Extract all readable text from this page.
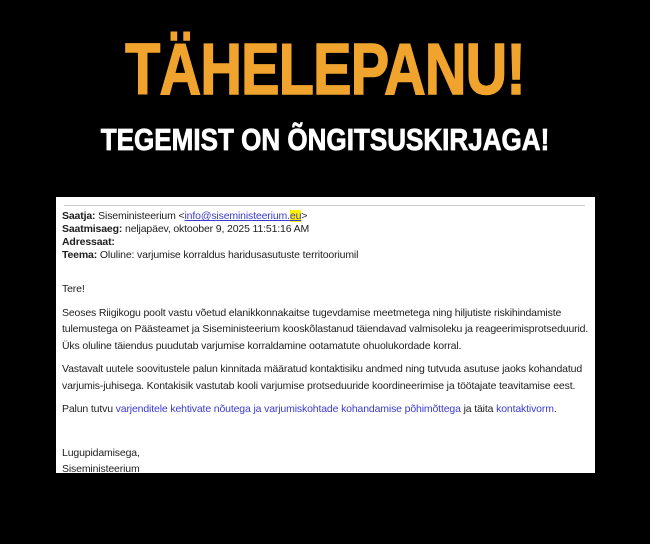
TÄHELEPANU!
TEGEMIST ON ÕNGITSUSKIRJAGA!
Saatja: Siseministeerium <info@siseministeerium.eu>
Saatmisaeg: neljapäev, oktoober 9, 2025 11:51:16 AM
Adressaat:
Teema: Oluline: varjumise korraldus haridusasutuste territooriumil

Tere!

Seoses Riigikogu poolt vastu võetud elanikkonnakaitse tugevdamise meetmetega ning hiljutiste riskihindamiste tulemustega on Päästeamet ja Siseministeerium kooskõlastanud täiendavad valmisoleku ja reageerimisprotseduurid. Üks oluline täiendus puudutab varjumise korraldamine ootamatute ohuolukordade korral.

Vastavalt uutele soovitustele palun kinnitada määratud kontaktisiku andmed ning tutvuda asutuse jaoks kohandatud varjumis-juhisega. Kontakisik vastutab kooli varjumise protseduuride koordineerimise ja töötajate teavitamise eest.

Palun tutvu varjenditele kehtivate nõutega ja varjumiskohtade kohandamise põhimõttega ja täita kontaktivorm.

Lugupidamisega,
Siseministeerium
